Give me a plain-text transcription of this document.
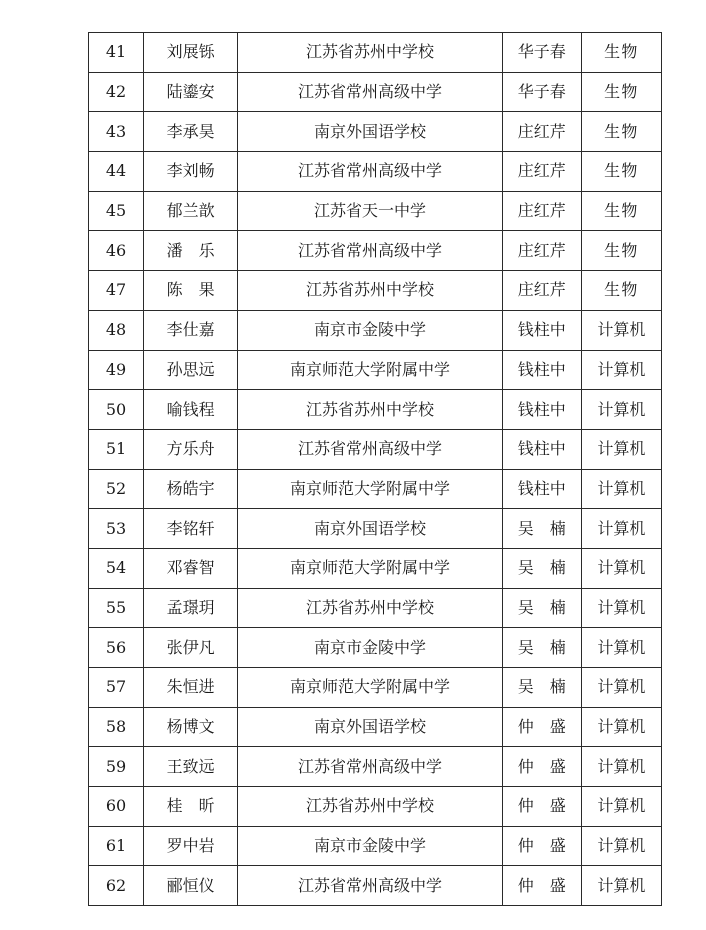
41	刘展铄	江苏省苏州中学校	华子春	生物
42	陆鎏安	江苏省常州高级中学	华子春	生物
43	李承昊	南京外国语学校	庄红芹	生物
44	李刘畅	江苏省常州高级中学	庄红芹	生物
45	郁兰歆	江苏省天一中学	庄红芹	生物
46	潘　乐	江苏省常州高级中学	庄红芹	生物
47	陈　果	江苏省苏州中学校	庄红芹	生物
48	李仕嘉	南京市金陵中学	钱柱中	计算机
49	孙思远	南京师范大学附属中学	钱柱中	计算机
50	喻钱程	江苏省苏州中学校	钱柱中	计算机
51	方乐舟	江苏省常州高级中学	钱柱中	计算机
52	杨皓宇	南京师范大学附属中学	钱柱中	计算机
53	李铭轩	南京外国语学校	吴　楠	计算机
54	邓睿智	南京师范大学附属中学	吴　楠	计算机
55	孟璟玥	江苏省苏州中学校	吴　楠	计算机
56	张伊凡	南京市金陵中学	吴　楠	计算机
57	朱恒进	南京师范大学附属中学	吴　楠	计算机
58	杨博文	南京外国语学校	仲　盛	计算机
59	王致远	江苏省常州高级中学	仲　盛	计算机
60	桂　昕	江苏省苏州中学校	仲　盛	计算机
61	罗中岩	南京市金陵中学	仲　盛	计算机
62	郦恒仪	江苏省常州高级中学	仲　盛	计算机
